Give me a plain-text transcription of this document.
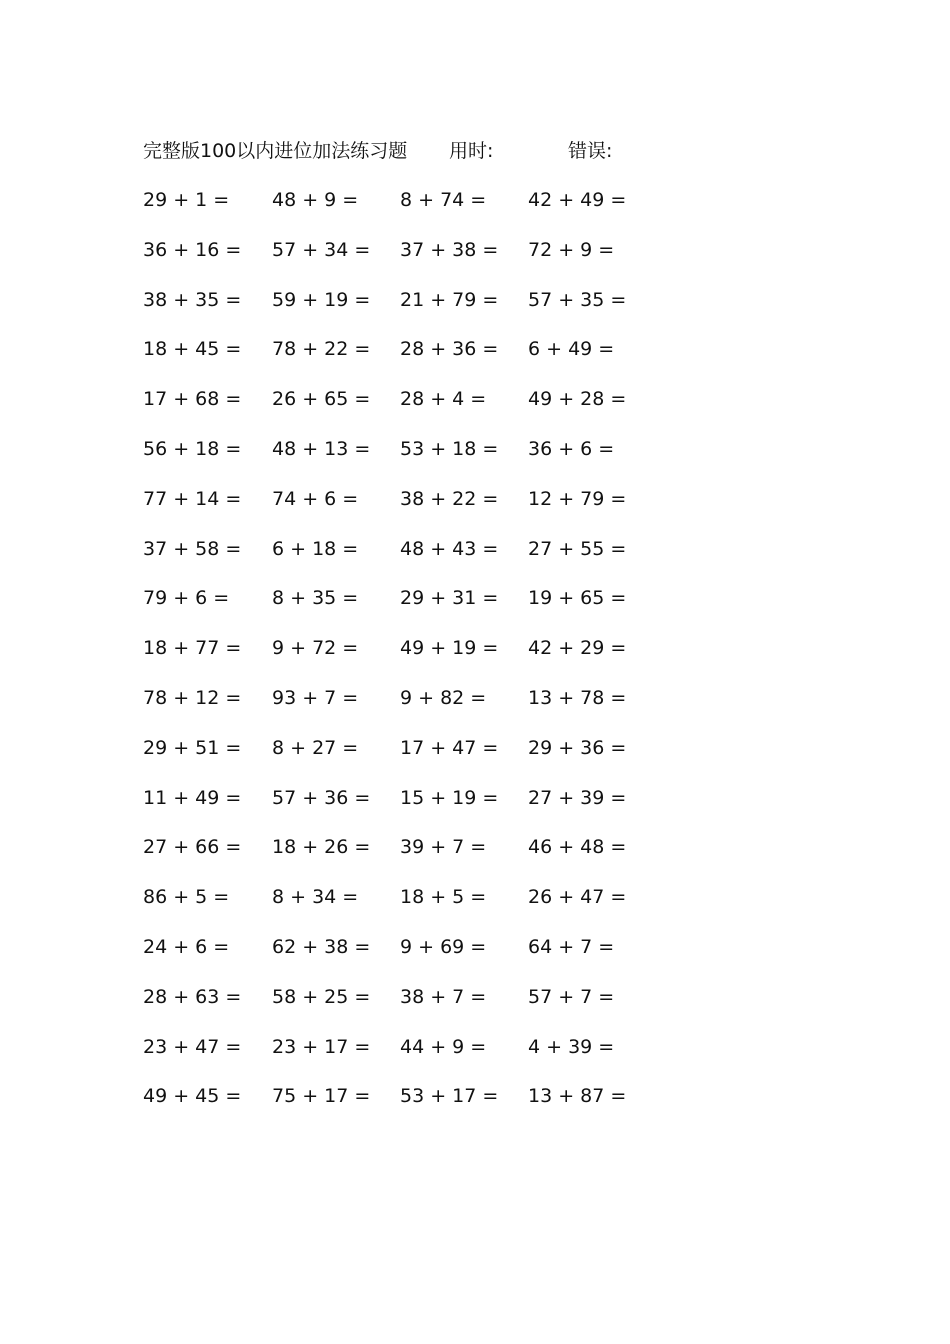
完整版100以内进位加法练习题 用时:	错误:
29 + 1 = 48 + 9 = 8 + 74 = 42 + 49 =
36 + 16 = 57 + 34 = 37 + 38 = 72 + 9 =
38 + 35 = 59 + 19 = 21 + 79 = 57 + 35 =
18 + 45 = 78 + 22 = 28 + 36 = 6 + 49 =
17 + 68 = 26 + 65 = 28 + 4 = 49 + 28 =
56 + 18 = 48 + 13 = 53 + 18 = 36 + 6 =
77 + 14 = 74 + 6 = 38 + 22 = 12 + 79 =
37 + 58 = 6 + 18 = 48 + 43 = 27 + 55 =
79 + 6 = 8 + 35 = 29 + 31 = 19 + 65 =
18 + 77 = 9 + 72 = 49 + 19 = 42 + 29 =
78 + 12 = 93 + 7 = 9 + 82 = 13 + 78 =
29 + 51 = 8 + 27 = 17 + 47 = 29 + 36 =
11 + 49 = 57 + 36 = 15 + 19 = 27 + 39 =
27 + 66 = 18 + 26 = 39 + 7 = 46 + 48 =
86 + 5 = 8 + 34 = 18 + 5 = 26 + 47 =
24 + 6 = 62 + 38 = 9 + 69 = 64 + 7 =
28 + 63 = 58 + 25 = 38 + 7 = 57 + 7 =
23 + 47 = 23 + 17 = 44 + 9 = 4 + 39 =
49 + 45 = 75 + 17 = 53 + 17 = 13 + 87 =
